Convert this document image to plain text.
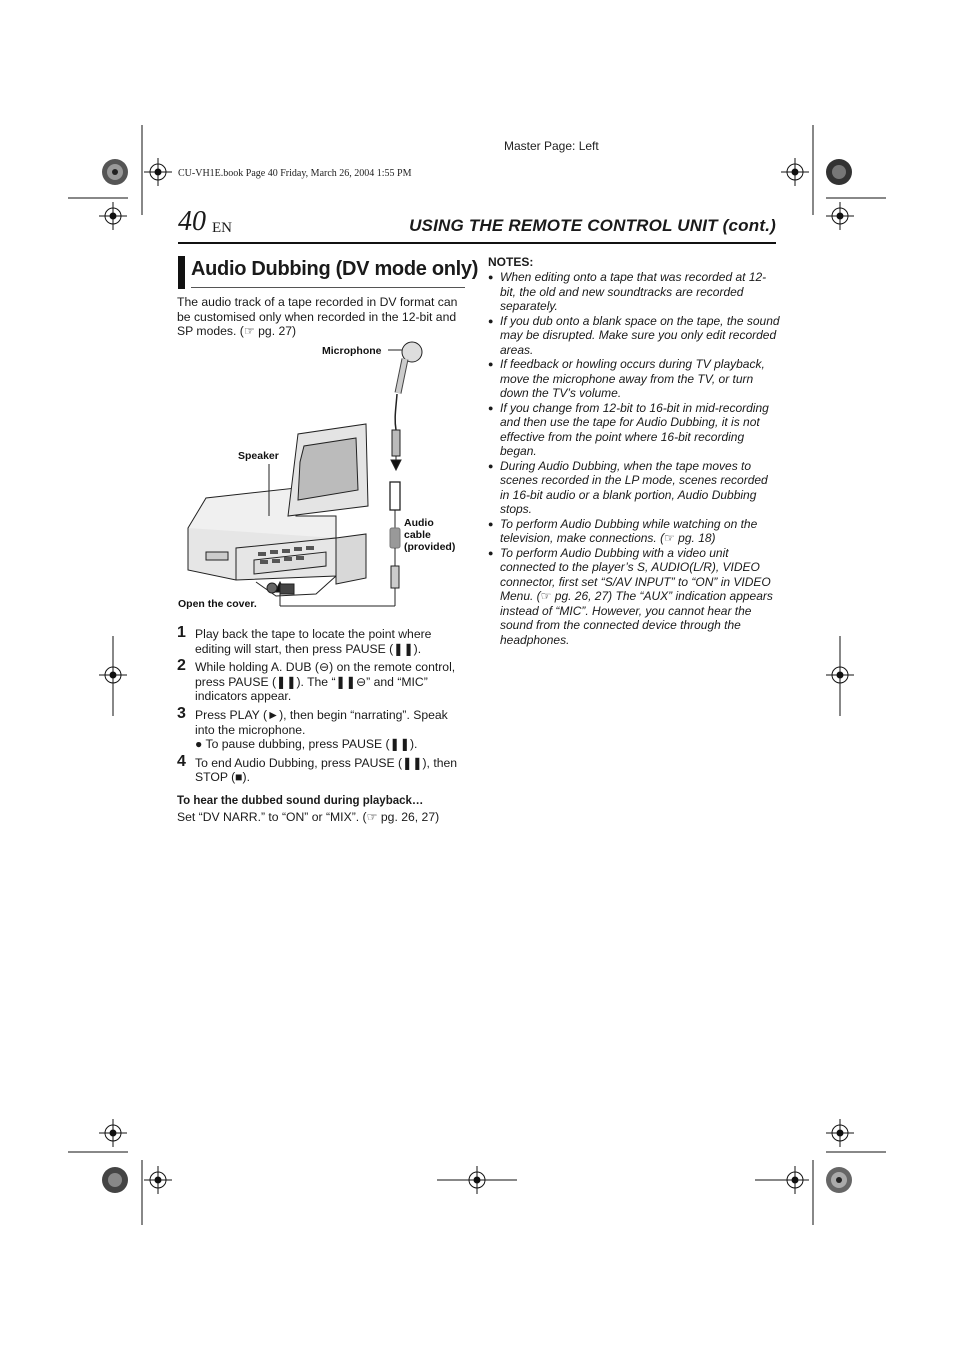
Master Page: Left
CU-VH1E.book Page 40 Friday, March 26, 2004 1:55 PM
40 EN	USING THE REMOTE CONTROL UNIT (cont.)
Audio Dubbing (DV mode only)
The audio track of a tape recorded in DV format can be customised only when recorded in the 12-bit and SP modes. (☞ pg. 27)
Microphone
Speaker
Audio
cable
(provided)
Open the cover.
1 Play back the tape to locate the point where editing will start, then press PAUSE (❚❚).
2 While holding A. DUB (⊖) on the remote control, press PAUSE (❚❚). The “❚❚⊖” and “MIC” indicators appear.
3 Press PLAY (►), then begin “narrating”. Speak into the microphone.
● To pause dubbing, press PAUSE (❚❚).
4 To end Audio Dubbing, press PAUSE (❚❚), then STOP (■).
To hear the dubbed sound during playback…
Set “DV NARR.” to “ON” or “MIX”. (☞ pg. 26, 27)
NOTES:
● When editing onto a tape that was recorded at 12-bit, the old and new soundtracks are recorded separately.
● If you dub onto a blank space on the tape, the sound may be disrupted. Make sure you only edit recorded areas.
● If feedback or howling occurs during TV playback, move the microphone away from the TV, or turn down the TV’s volume.
● If you change from 12-bit to 16-bit in mid-recording and then use the tape for Audio Dubbing, it is not effective from the point where 16-bit recording began.
● During Audio Dubbing, when the tape moves to scenes recorded in the LP mode, scenes recorded in 16-bit audio or a blank portion, Audio Dubbing stops.
● To perform Audio Dubbing while watching on the television, make connections. (☞ pg. 18)
● To perform Audio Dubbing with a video unit connected to the player’s S, AUDIO(L/R), VIDEO connector, first set “S/AV INPUT” to “ON” in VIDEO Menu. (☞ pg. 26, 27) The “AUX” indication appears instead of “MIC”. However, you cannot hear the sound from the connected device through the headphones.
